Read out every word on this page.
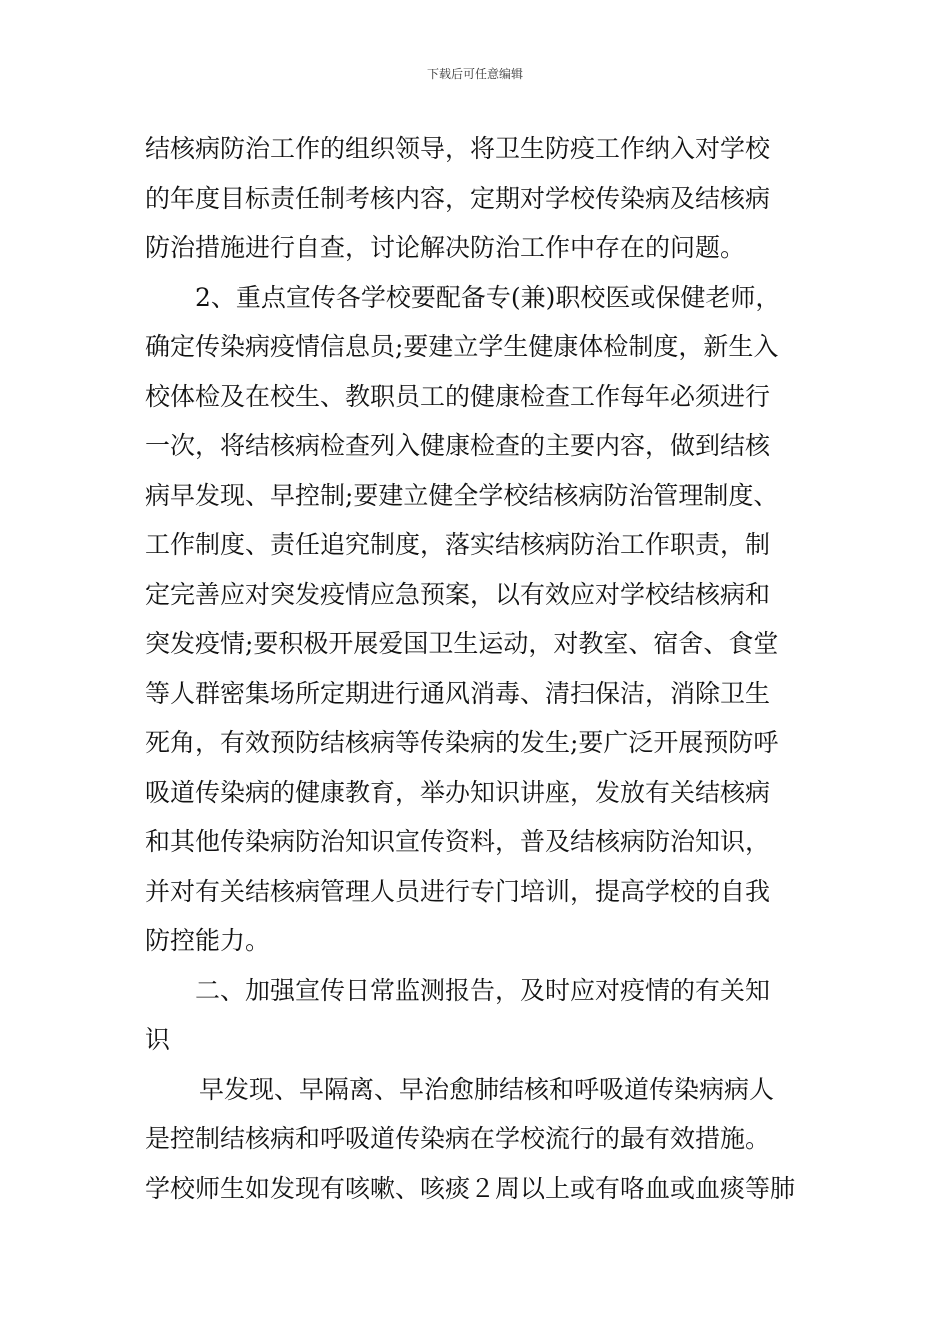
下载后可任意编辑
结核病防治工作的组织领导，将卫生防疫工作纳入对学校
的年度目标责任制考核内容，定期对学校传染病及结核病
防治措施进行自查，讨论解决防治工作中存在的问题。
2、重点宣传各学校要配备专(兼)职校医或保健老师，
确定传染病疫情信息员;要建立学生健康体检制度，新生入
校体检及在校生、教职员工的健康检查工作每年必须进行
一次，将结核病检查列入健康检查的主要内容，做到结核
病早发现、早控制;要建立健全学校结核病防治管理制度、
工作制度、责任追究制度，落实结核病防治工作职责，制
定完善应对突发疫情应急预案，以有效应对学校结核病和
突发疫情;要积极开展爱国卫生运动，对教室、宿舍、食堂
等人群密集场所定期进行通风消毒、清扫保洁，消除卫生
死角，有效预防结核病等传染病的发生;要广泛开展预防呼
吸道传染病的健康教育，举办知识讲座，发放有关结核病
和其他传染病防治知识宣传资料，普及结核病防治知识，
并对有关结核病管理人员进行专门培训，提高学校的自我
防控能力。
二、加强宣传日常监测报告，及时应对疫情的有关知
识
早发现、早隔离、早治愈肺结核和呼吸道传染病病人
是控制结核病和呼吸道传染病在学校流行的最有效措施。
学校师生如发现有咳嗽、咳痰２周以上或有咯血或血痰等肺
